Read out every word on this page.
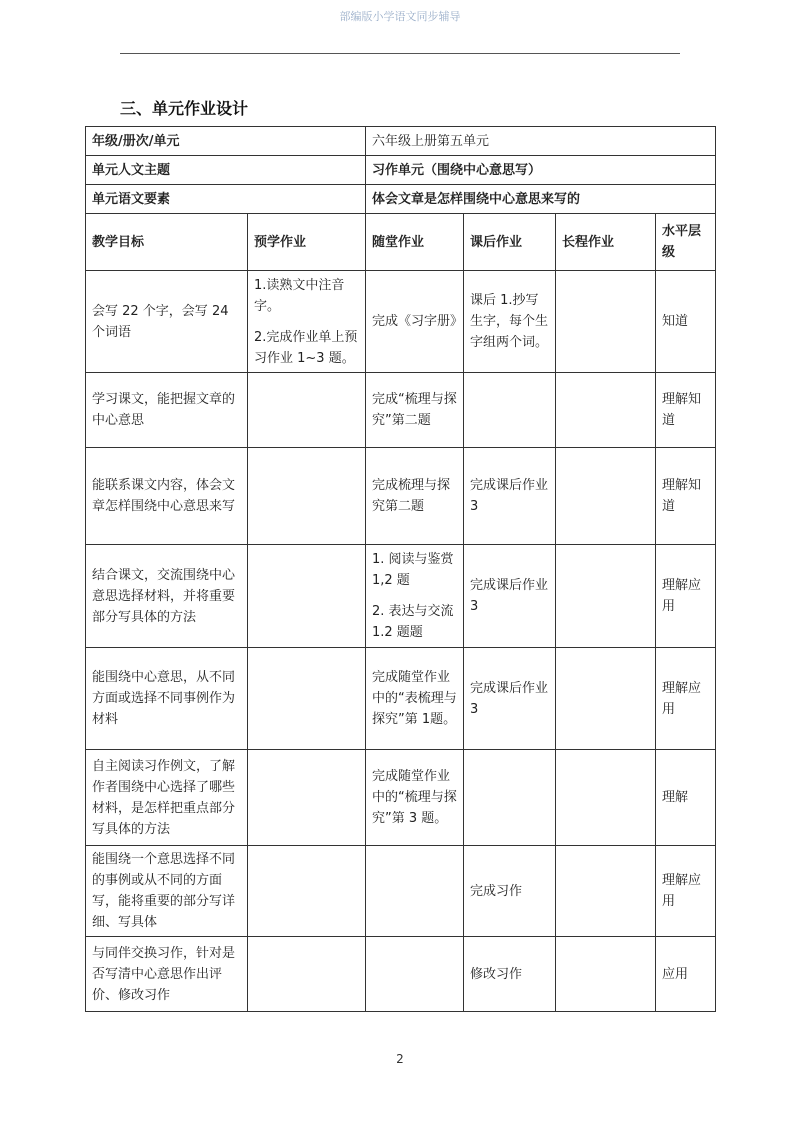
部编版小学语文同步辅导
三、单元作业设计
年级/册次/单元		六年级上册第五单元			
单元人文主题		习作单元（围绕中心意思写）			
单元语文要素		体会文章是怎样围绕中心意思来写的			
教学目标	预学作业	随堂作业	课后作业	长程作业	水平层级
会写 22 个字，会写 24 个词语	1.读熟文中注音字。

2.完成作业单上预习作业 1~3 题。	完成《习字册》	课后 1.抄写生字，每个生字组两个词。		知道
学习课文，能把握文章的中心意思		完成“梳理与探究”第二题			理解知道
能联系课文内容，体会文章怎样围绕中心意思来写		完成梳理与探究第二题	完成课后作业 3		理解知道
结合课文，交流围绕中心意思选择材料，并将重要部分写具体的方法		1. 阅读与鉴赏 1,2 题

2. 表达与交流 1.2 题题	完成课后作业 3		理解应用
能围绕中心意思，从不同方面或选择不同事例作为材料		完成随堂作业中的“表梳理与探究”第 1题。	完成课后作业 3		理解应用
自主阅读习作例文，了解作者围绕中心选择了哪些材料，是怎样把重点部分写具体的方法		完成随堂作业中的“梳理与探究”第 3 题。			理解
能围绕一个意思选择不同的事例或从不同的方面写，能将重要的部分写详细、写具体			完成习作		理解应用
与同伴交换习作，针对是否写清中心意思作出评价、修改习作			修改习作		应用
2
